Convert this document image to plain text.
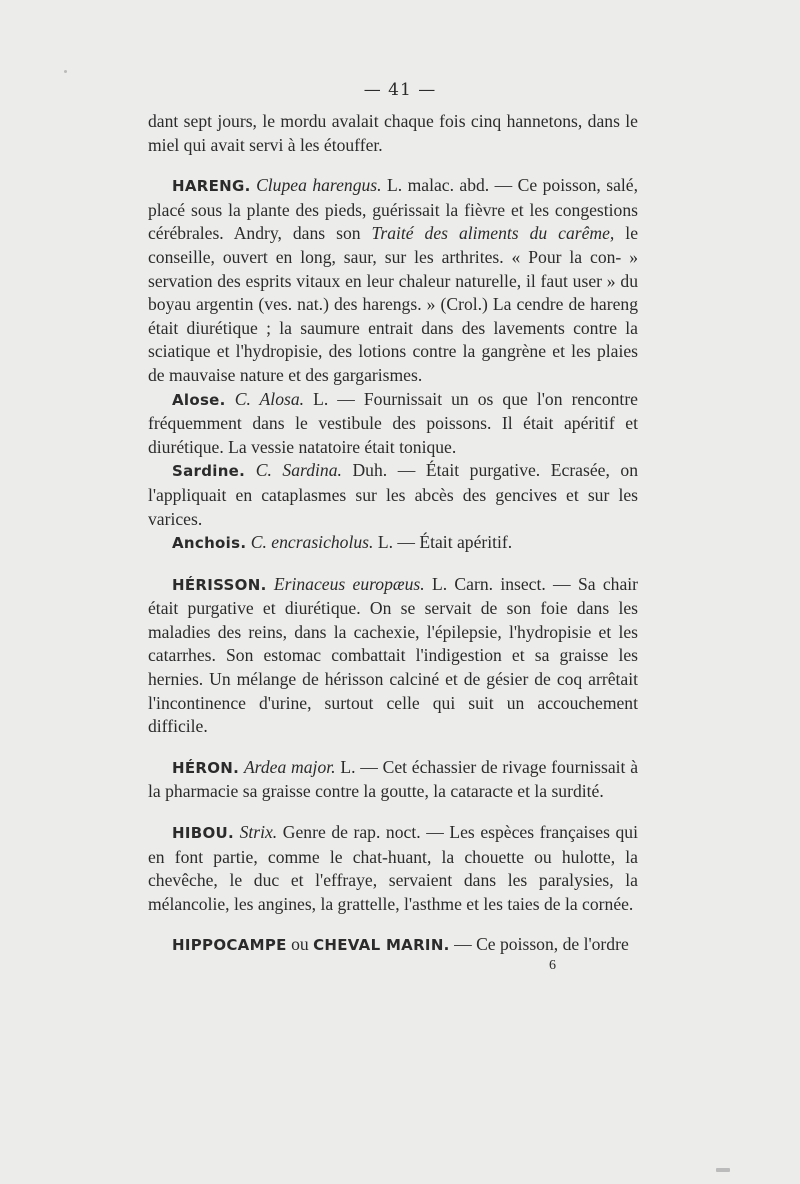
— 41 —

dant sept jours, le mordu avalait chaque fois cinq hannetons, dans le miel qui avait servi à les étouffer.

HARENG. Clupea harengus. L. malac. abd. — Ce poisson, salé, placé sous la plante des pieds, guérissait la fièvre et les congestions cérébrales. Andry, dans son Traité des aliments du carême, le conseille, ouvert en long, saur, sur les arthrites. « Pour la con- » servation des esprits vitaux en leur chaleur naturelle, il faut user » du boyau argentin (ves. nat.) des harengs. » (Crol.) La cendre de hareng était diurétique ; la saumure entrait dans des lavements contre la sciatique et l'hydropisie, des lotions contre la gangrène et les plaies de mauvaise nature et des gargarismes.

Alose. C. Alosa. L. — Fournissait un os que l'on rencontre fréquemment dans le vestibule des poissons. Il était apéritif et diurétique. La vessie natatoire était tonique.

Sardine. C. Sardina. Duh. — Était purgative. Ecrasée, on l'appliquait en cataplasmes sur les abcès des gencives et sur les varices.

Anchois. C. encrasicholus. L. — Était apéritif.

HÉRISSON. Erinaceus europæus. L. Carn. insect. — Sa chair était purgative et diurétique. On se servait de son foie dans les maladies des reins, dans la cachexie, l'épilepsie, l'hydropisie et les catarrhes. Son estomac combattait l'indigestion et sa graisse les hernies. Un mélange de hérisson calciné et de gésier de coq arrêtait l'incontinence d'urine, surtout celle qui suit un accouchement difficile.

HÉRON. Ardea major. L. — Cet échassier de rivage fournissait à la pharmacie sa graisse contre la goutte, la cataracte et la surdité.

HIBOU. Strix. Genre de rap. noct. — Les espèces françaises qui en font partie, comme le chat-huant, la chouette ou hulotte, la chevêche, le duc et l'effraye, servaient dans les paralysies, la mélancolie, les angines, la grattelle, l'asthme et les taies de la cornée.

HIPPOCAMPE ou CHEVAL MARIN. — Ce poisson, de l'ordre

6
